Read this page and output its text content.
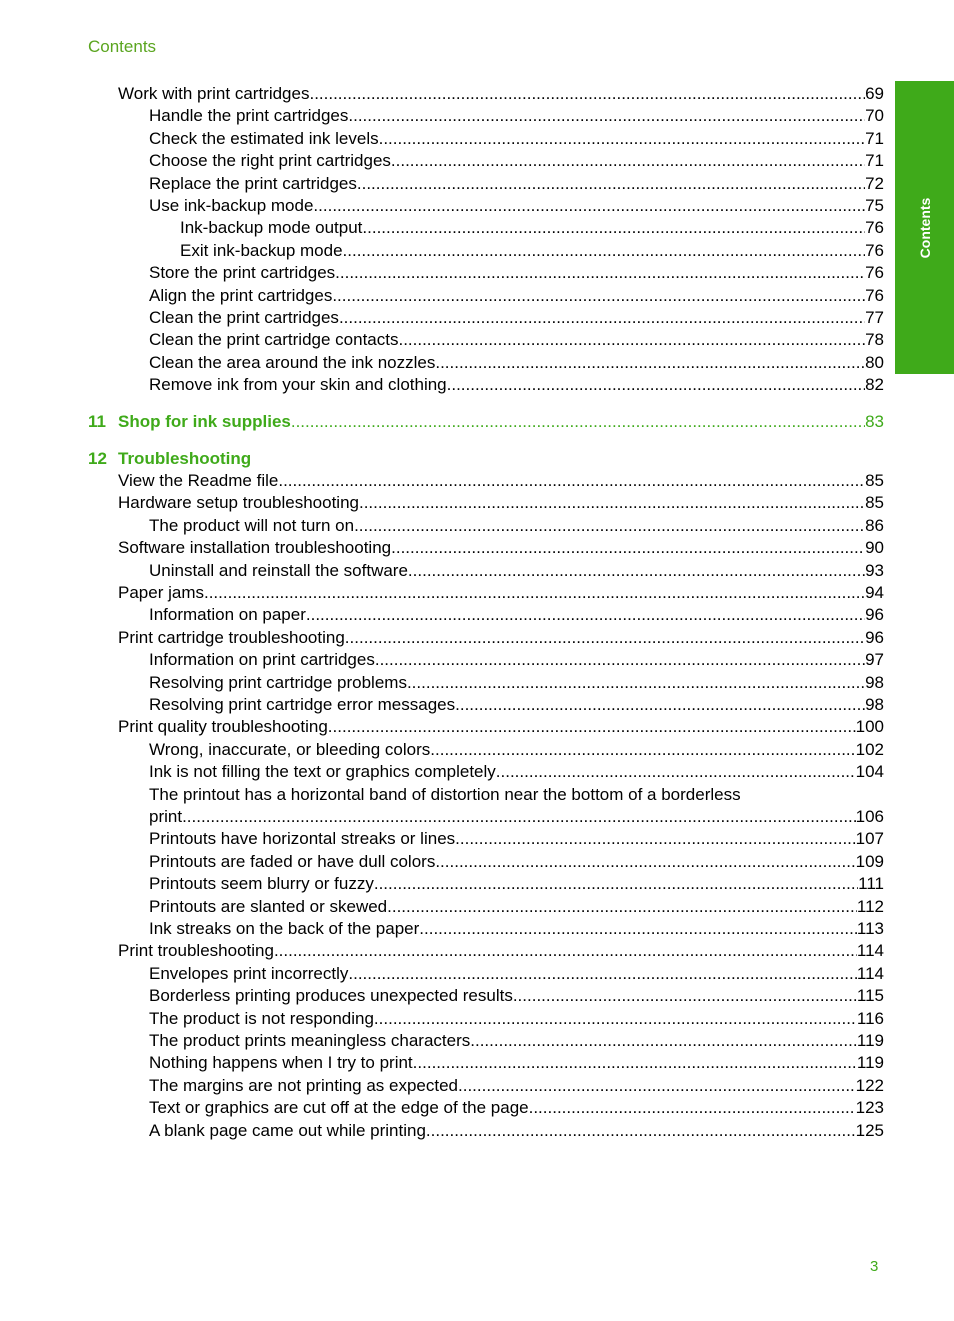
Contents
Contents
Work with print cartridges .....	69
Handle the print cartridges .....	70
Check the estimated ink levels .....	71
Choose the right print cartridges .....	71
Replace the print cartridges .....	72
Use ink-backup mode .....	75
Ink-backup mode output .....	76
Exit ink-backup mode .....	76
Store the print cartridges .....	76
Align the print cartridges .....	76
Clean the print cartridges .....	77
Clean the print cartridge contacts .....	78
Clean the area around the ink nozzles .....	80
Remove ink from your skin and clothing .....	82
11 Shop for ink supplies .....	83
12 Troubleshooting
View the Readme file .....	85
Hardware setup troubleshooting .....	85
The product will not turn on .....	86
Software installation troubleshooting .....	90
Uninstall and reinstall the software .....	93
Paper jams .....	94
Information on paper .....	96
Print cartridge troubleshooting .....	96
Information on print cartridges .....	97
Resolving print cartridge problems .....	98
Resolving print cartridge error messages .....	98
Print quality troubleshooting .....	100
Wrong, inaccurate, or bleeding colors .....	102
Ink is not filling the text or graphics completely .....	104
The printout has a horizontal band of distortion near the bottom of a borderless
print .....	106
Printouts have horizontal streaks or lines .....	107
Printouts are faded or have dull colors .....	109
Printouts seem blurry or fuzzy .....	111
Printouts are slanted or skewed .....	112
Ink streaks on the back of the paper .....	113
Print troubleshooting .....	114
Envelopes print incorrectly .....	114
Borderless printing produces unexpected results .....	115
The product is not responding .....	116
The product prints meaningless characters .....	119
Nothing happens when I try to print .....	119
The margins are not printing as expected .....	122
Text or graphics are cut off at the edge of the page .....	123
A blank page came out while printing .....	125
3
